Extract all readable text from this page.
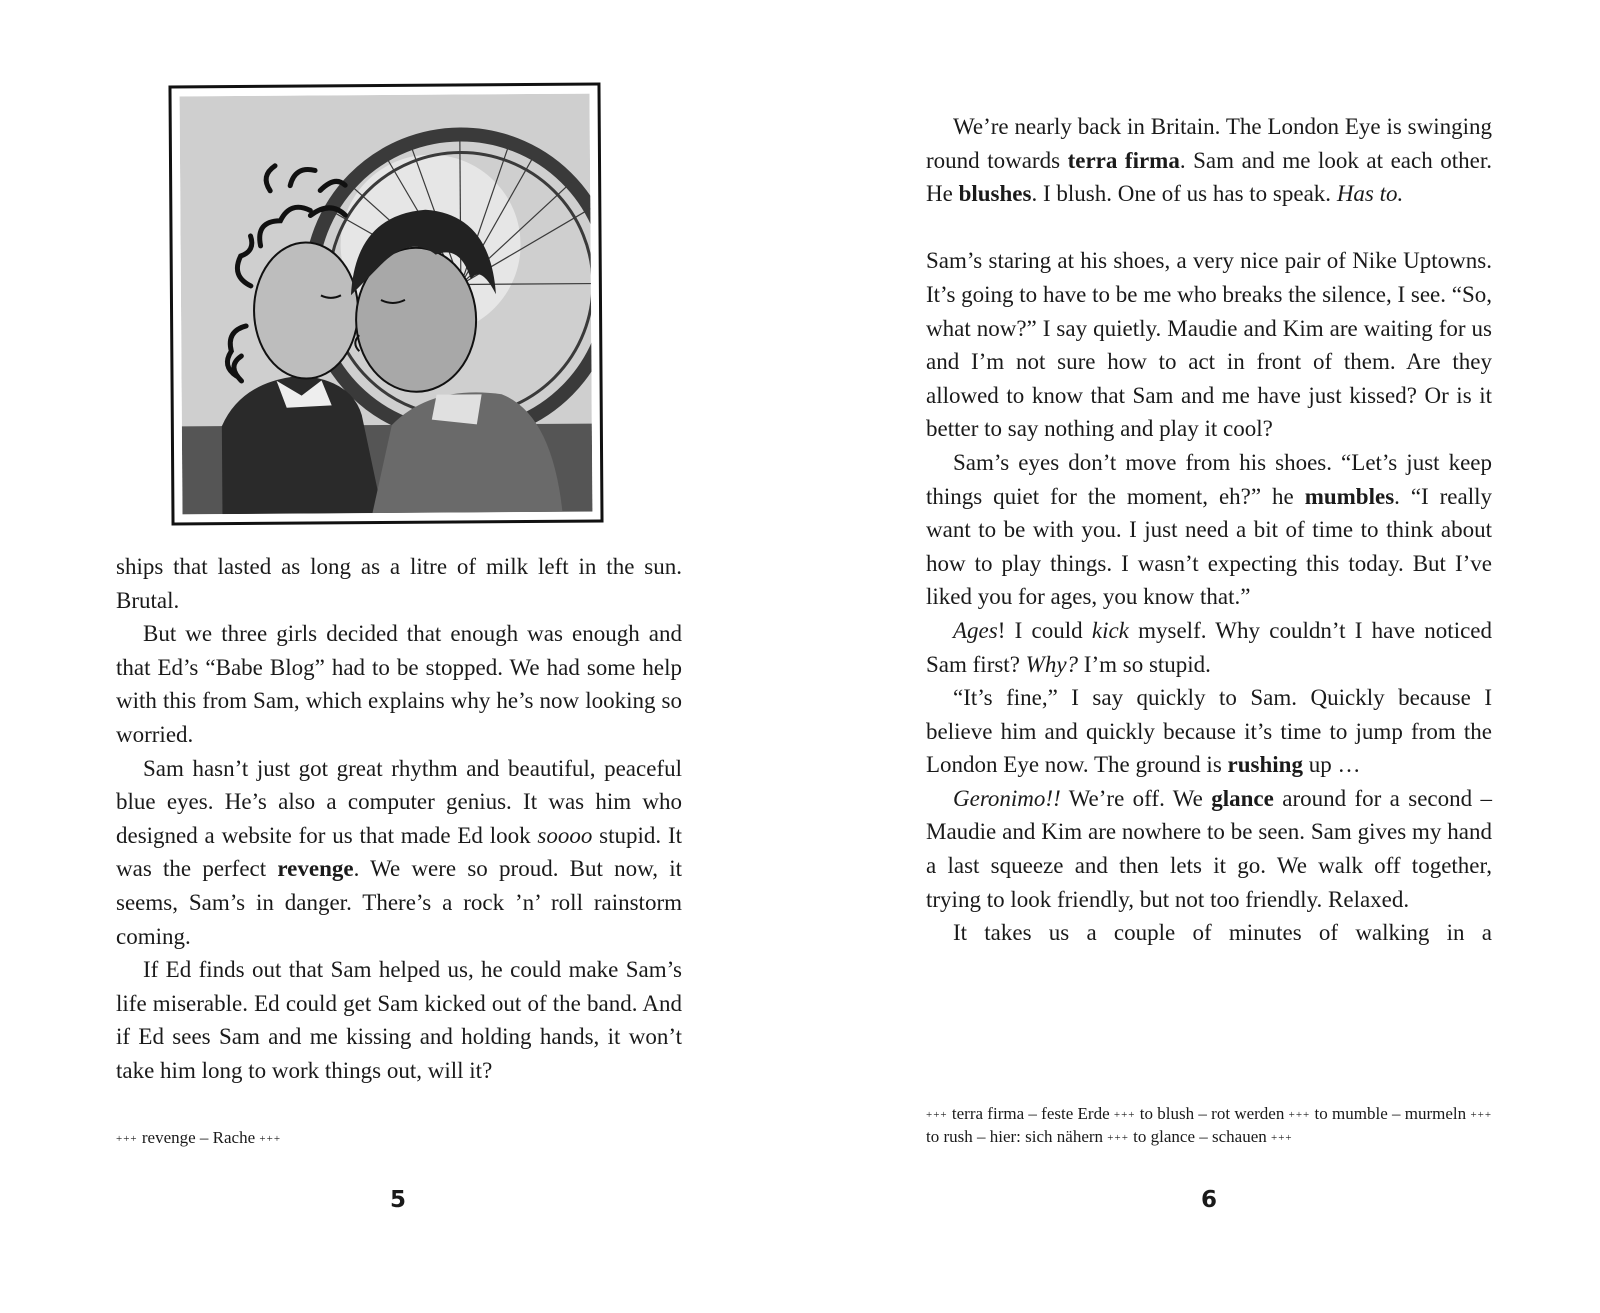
ships that lasted as long as a litre of milk left in the sun. Brutal.

But we three girls decided that enough was enough and that Ed’s “Babe Blog” had to be stopped. We had some help with this from Sam, which explains why he’s now looking so worried.

Sam hasn’t just got great rhythm and beautiful, peaceful blue eyes. He’s also a computer genius. It was him who designed a website for us that made Ed look soooo stupid. It was the perfect revenge. We were so proud. But now, it seems, Sam’s in danger. There’s a rock ’n’ roll rainstorm coming.

If Ed finds out that Sam helped us, he could make Sam’s life miserable. Ed could get Sam kicked out of the band. And if Ed sees Sam and me kissing and holding hands, it won’t take him long to work things out, will it?

+++ revenge – Rache +++
5

We’re nearly back in Britain. The London Eye is swinging round towards terra firma. Sam and me look at each other. He blushes. I blush. One of us has to speak. Has to.

Sam’s staring at his shoes, a very nice pair of Nike Uptowns. It’s going to have to be me who breaks the silence, I see. “So, what now?” I say quietly. Maudie and Kim are waiting for us and I’m not sure how to act in front of them. Are they allowed to know that Sam and me have just kissed? Or is it better to say nothing and play it cool?

Sam’s eyes don’t move from his shoes. “Let’s just keep things quiet for the moment, eh?” he mumbles. “I really want to be with you. I just need a bit of time to think about how to play things. I wasn’t expecting this today. But I’ve liked you for ages, you know that.”

Ages! I could kick myself. Why couldn’t I have noticed Sam first? Why? I’m so stupid.

“It’s fine,” I say quickly to Sam. Quickly because I believe him and quickly because it’s time to jump from the London Eye now. The ground is rushing up …

Geronimo!! We’re off. We glance around for a second – Maudie and Kim are nowhere to be seen. Sam gives my hand a last squeeze and then lets it go. We walk off together, trying to look friendly, but not too friendly. Relaxed.

It takes us a couple of minutes of walking in a

+++ terra firma – feste Erde +++ to blush – rot werden +++ to mumble – murmeln +++ to rush – hier: sich nähern +++ to glance – schauen +++
6
